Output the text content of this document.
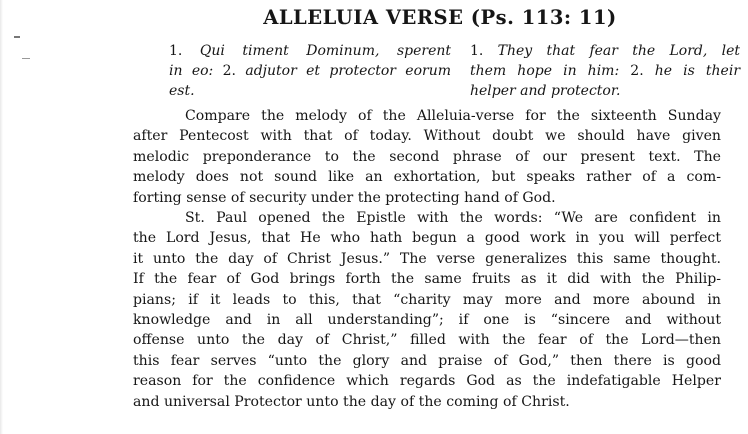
ALLELUIA VERSE (Ps. 113: 11)
1. Qui timent Dominum, sperent
in eo: 2. adjutor et protector eorum
est.
1. They that fear the Lord, let
them hope in him: 2. he is their
helper and protector.
Compare the melody of the Alleluia-verse for the sixteenth Sunday
after Pentecost with that of today. Without doubt we should have given
melodic preponderance to the second phrase of our present text. The
melody does not sound like an exhortation, but speaks rather of a com-
forting sense of security under the protecting hand of God.
St. Paul opened the Epistle with the words: “We are confident in
the Lord Jesus, that He who hath begun a good work in you will perfect
it unto the day of Christ Jesus.” The verse generalizes this same thought.
If the fear of God brings forth the same fruits as it did with the Philip-
pians; if it leads to this, that “charity may more and more abound in
knowledge and in all understanding”; if one is “sincere and without
offense unto the day of Christ,” filled with the fear of the Lord—then
this fear serves “unto the glory and praise of God,” then there is good
reason for the confidence which regards God as the indefatigable Helper
and universal Protector unto the day of the coming of Christ.
